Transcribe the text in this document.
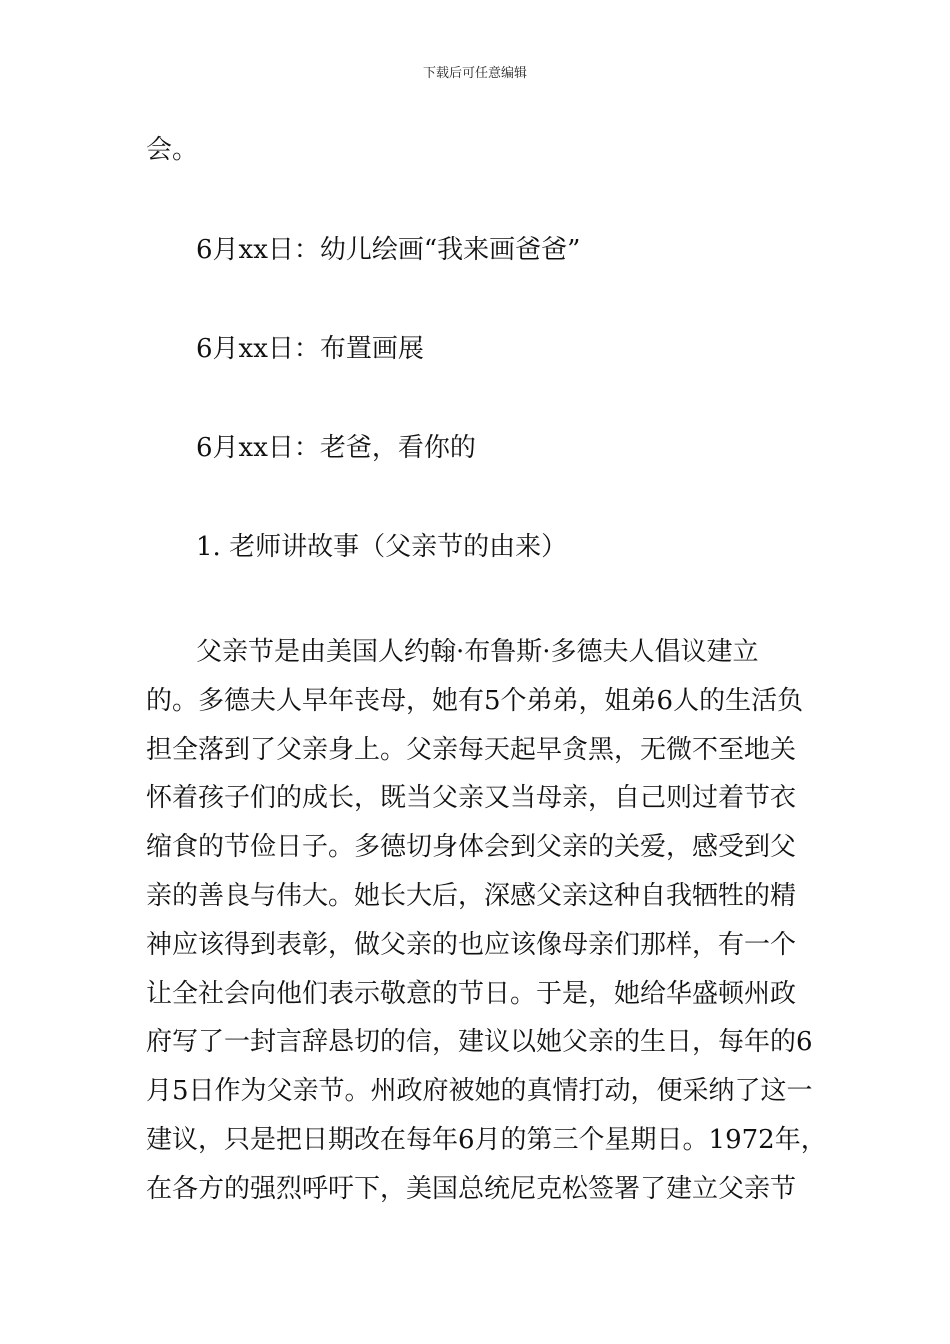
下载后可任意编辑
会。
6月xx日：幼儿绘画“我来画爸爸”
6月xx日：布置画展
6月xx日：老爸，看你的
1. 老师讲故事（父亲节的由来）
父亲节是由美国人约翰·布鲁斯·多德夫人倡议建立
的。多德夫人早年丧母，她有5个弟弟，姐弟6人的生活负
担全落到了父亲身上。父亲每天起早贪黑，无微不至地关
怀着孩子们的成长，既当父亲又当母亲，自己则过着节衣
缩食的节俭日子。多德切身体会到父亲的关爱，感受到父
亲的善良与伟大。她长大后，深感父亲这种自我牺牲的精
神应该得到表彰，做父亲的也应该像母亲们那样，有一个
让全社会向他们表示敬意的节日。于是，她给华盛顿州政
府写了一封言辞恳切的信，建议以她父亲的生日，每年的6
月5日作为父亲节。州政府被她的真情打动，便采纳了这一
建议，只是把日期改在每年6月的第三个星期日。1972年，
在各方的强烈呼吁下，美国总统尼克松签署了建立父亲节
